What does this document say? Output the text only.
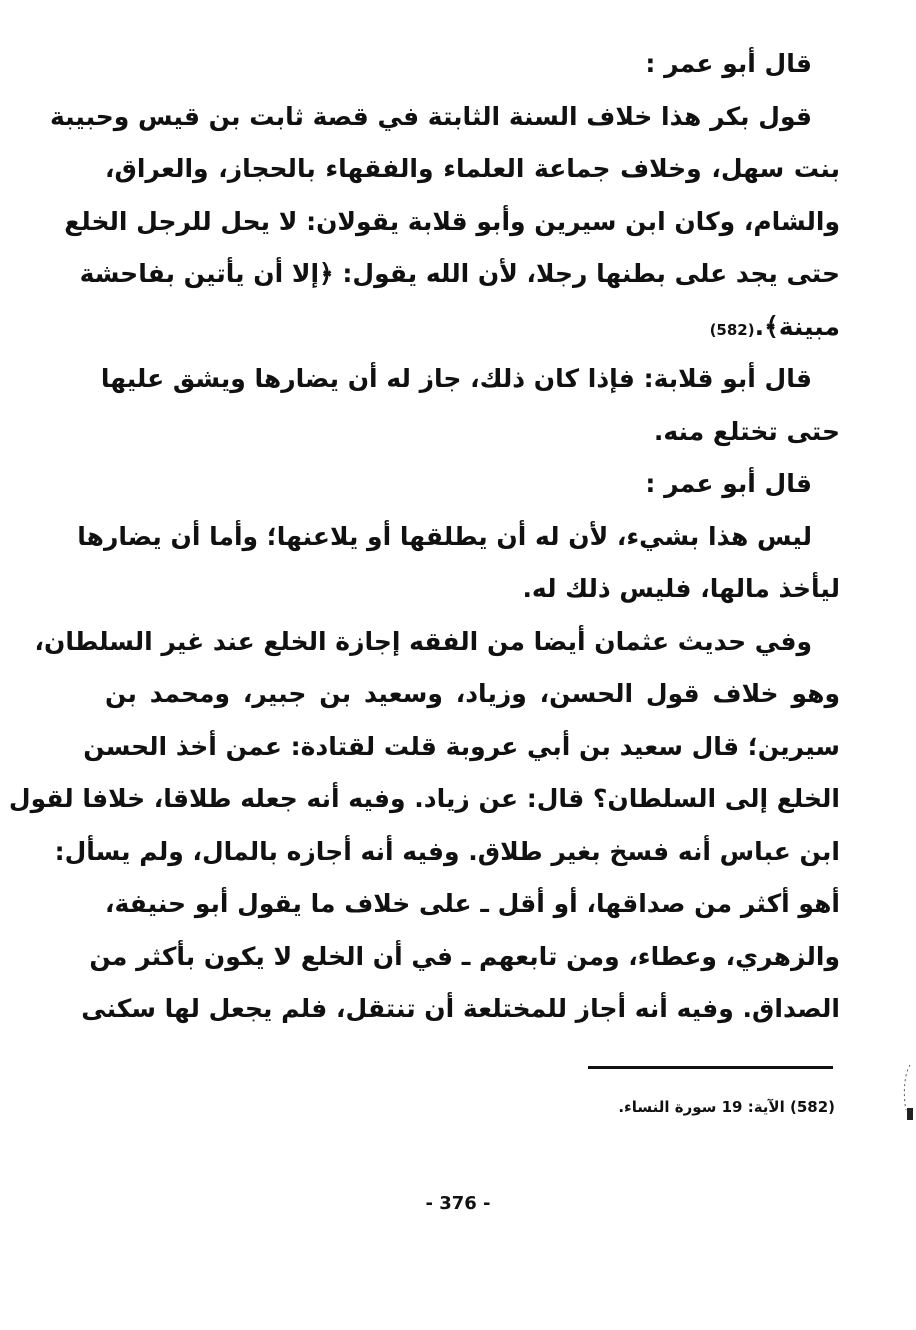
قال أبو عمر :
قول بكر هذا خلاف السنة الثابتة في قصة ثابت بن قيس وحبيبة
بنت سهل، وخلاف جماعة العلماء والفقهاء بالحجاز، والعراق،
والشام، وكان ابن سيرين وأبو قلابة يقولان: لا يحل للرجل الخلع
حتى يجد على بطنها رجلا، لأن الله يقول: ﴿إلا أن يأتين بفاحشة
مبينة﴾.(582)
قال أبو قلابة: فإذا كان ذلك، جاز له أن يضارها ويشق عليها
حتى تختلع منه.
قال أبو عمر :
ليس هذا بشيء، لأن له أن يطلقها أو يلاعنها؛ وأما أن يضارها
ليأخذ مالها، فليس ذلك له.
وفي حديث عثمان أيضا من الفقه إجازة الخلع عند غير السلطان،
وهو خلاف قول الحسن، وزياد، وسعيد بن جبير، ومحمد بن
سيرين؛ قال سعيد بن أبي عروبة قلت لقتادة: عمن أخذ الحسن
الخلع إلى السلطان؟ قال: عن زياد. وفيه أنه جعله طلاقا، خلافا لقول
ابن عباس أنه فسخ بغير طلاق. وفيه أنه أجازه بالمال، ولم يسأل:
أهو أكثر من صداقها، أو أقل ـ على خلاف ما يقول أبو حنيفة،
والزهري، وعطاء، ومن تابعهم ـ في أن الخلع لا يكون بأكثر من
الصداق. وفيه أنه أجاز للمختلعة أن تنتقل، فلم يجعل لها سكنى
(582) الآية: 19 سورة النساء.
- 376 -
